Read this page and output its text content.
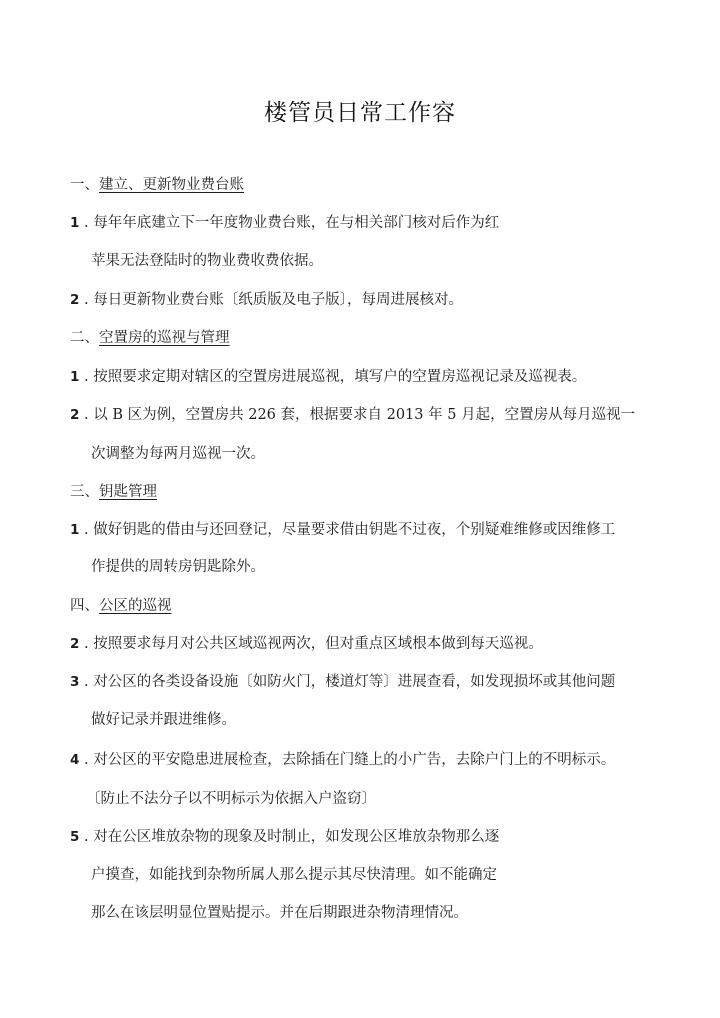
楼管员日常工作容
一、建立、更新物业费台账
1 . 每年年底建立下一年度物业费台账，在与相关部门核对后作为红
苹果无法登陆时的物业费收费依据。
2 . 每日更新物业费台账〔纸质版及电子版〕，每周进展核对。
二、空置房的巡视与管理
1 . 按照要求定期对辖区的空置房进展巡视，填写户的空置房巡视记录及巡视表。
2 . 以 B 区为例，空置房共 226 套，根据要求自 2013 年 5 月起，空置房从每月巡视一
次调整为每两月巡视一次。
三、钥匙管理
1 . 做好钥匙的借由与还回登记，尽量要求借由钥匙不过夜，个别疑难维修或因维修工
作提供的周转房钥匙除外。
四、公区的巡视
2 . 按照要求每月对公共区域巡视两次，但对重点区域根本做到每天巡视。
3 . 对公区的各类设备设施〔如防火门，楼道灯等〕进展查看，如发现损坏或其他问题
做好记录并跟进维修。
4 . 对公区的平安隐患进展检查，去除插在门缝上的小广告，去除户门上的不明标示。
〔防止不法分子以不明标示为依据入户盗窃〕
5 . 对在公区堆放杂物的现象及时制止，如发现公区堆放杂物那么逐
户摸查，如能找到杂物所属人那么提示其尽快清理。如不能确定
那么在该层明显位置贴提示。并在后期跟进杂物清理情况。
